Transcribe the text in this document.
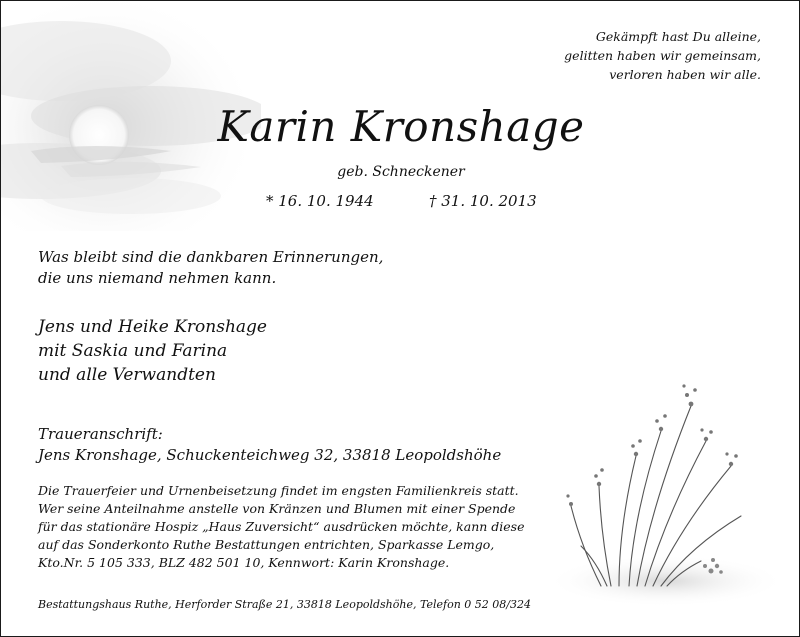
Gekämpft hast Du alleine,
gelitten haben wir gemeinsam,
verloren haben wir alle.
Karin Kronshage
geb. Schneckener
* 16. 10. 1944	† 31. 10. 2013
Was bleibt sind die dankbaren Erinnerungen,
die uns niemand nehmen kann.
Jens und Heike Kronshage
mit Saskia und Farina
und alle Verwandten
Traueranschrift:
Jens Kronshage, Schuckenteichweg 32, 33818 Leopoldshöhe
Die Trauerfeier und Urnenbeisetzung findet im engsten Familienkreis statt.
Wer seine Anteilnahme anstelle von Kränzen und Blumen mit einer Spende
für das stationäre Hospiz „Haus Zuversicht“ ausdrücken möchte, kann diese
auf das Sonderkonto Ruthe Bestattungen entrichten, Sparkasse Lemgo,
Kto.Nr. 5 105 333, BLZ 482 501 10, Kennwort: Karin Kronshage.
Bestattungshaus Ruthe, Herforder Straße 21, 33818 Leopoldshöhe, Telefon 0 52 08/324
